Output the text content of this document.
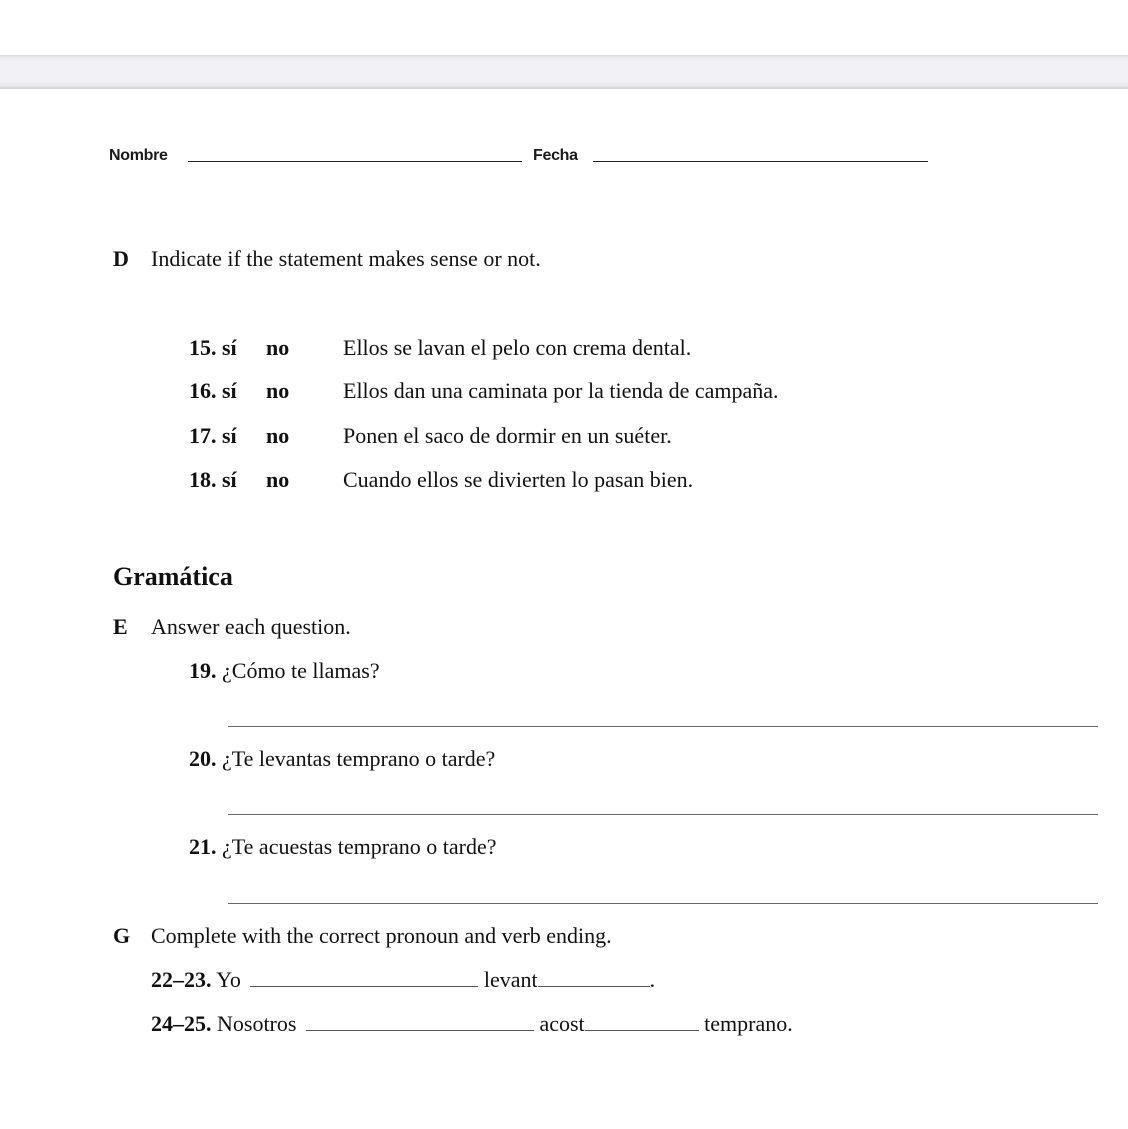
Nombre	Fecha
D Indicate if the statement makes sense or not.
15. sí no Ellos se lavan el pelo con crema dental.
16. sí no Ellos dan una caminata por la tienda de campaña.
17. sí no Ponen el saco de dormir en un suéter.
18. sí no Cuando ellos se divierten lo pasan bien.
Gramática
E Answer each question.
19. ¿Cómo te llamas?
20. ¿Te levantas temprano o tarde?
21. ¿Te acuestas temprano o tarde?
G Complete with the correct pronoun and verb ending.
22–23. Yo	levant	.
24–25. Nosotros	acost	temprano.
